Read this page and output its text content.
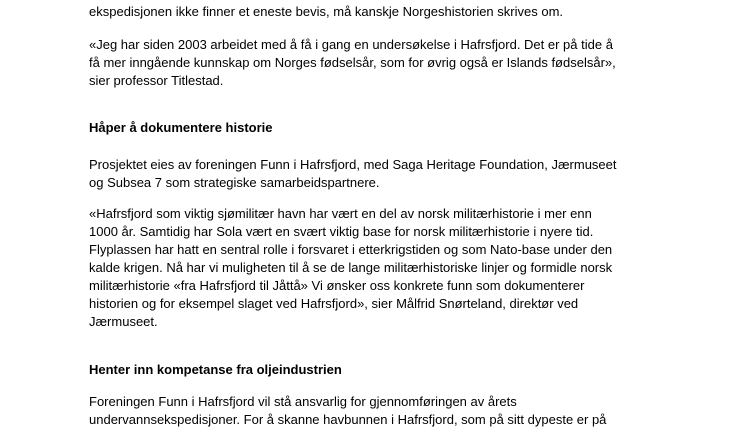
ekspedisjonen ikke finner et eneste bevis, må kanskje Norgeshistorien skrives om.

«Jeg har siden 2003 arbeidet med å få i gang en undersøkelse i Hafrsfjord. Det er på tide å
få mer inngående kunnskap om Norges fødselsår, som for øvrig også er Islands fødselsår»,
sier professor Titlestad.

Håper å dokumentere historie

Prosjektet eies av foreningen Funn i Hafrsfjord, med Saga Heritage Foundation, Jærmuseet
og Subsea 7 som strategiske samarbeidspartnere.

«Hafrsfjord som viktig sjømilitær havn har vært en del av norsk militærhistorie i mer enn
1000 år. Samtidig har Sola vært en svært viktig base for norsk militærhistorie i nyere tid.
Flyplassen har hatt en sentral rolle i forsvaret i etterkrigstiden og som Nato-base under den
kalde krigen. Nå har vi muligheten til å se de lange militærhistoriske linjer og formidle norsk
militærhistorie «fra Hafrsfjord til Jåttå» Vi ønsker oss konkrete funn som dokumenterer
historien og for eksempel slaget ved Hafrsfjord», sier Målfrid Snørteland, direktør ved
Jærmuseet.

Henter inn kompetanse fra oljeindustrien

Foreningen Funn i Hafrsfjord vil stå ansvarlig for gjennomføringen av årets
undervannsekspedisjoner. For å skanne havbunnen i Hafrsfjord, som på sitt dypeste er på
